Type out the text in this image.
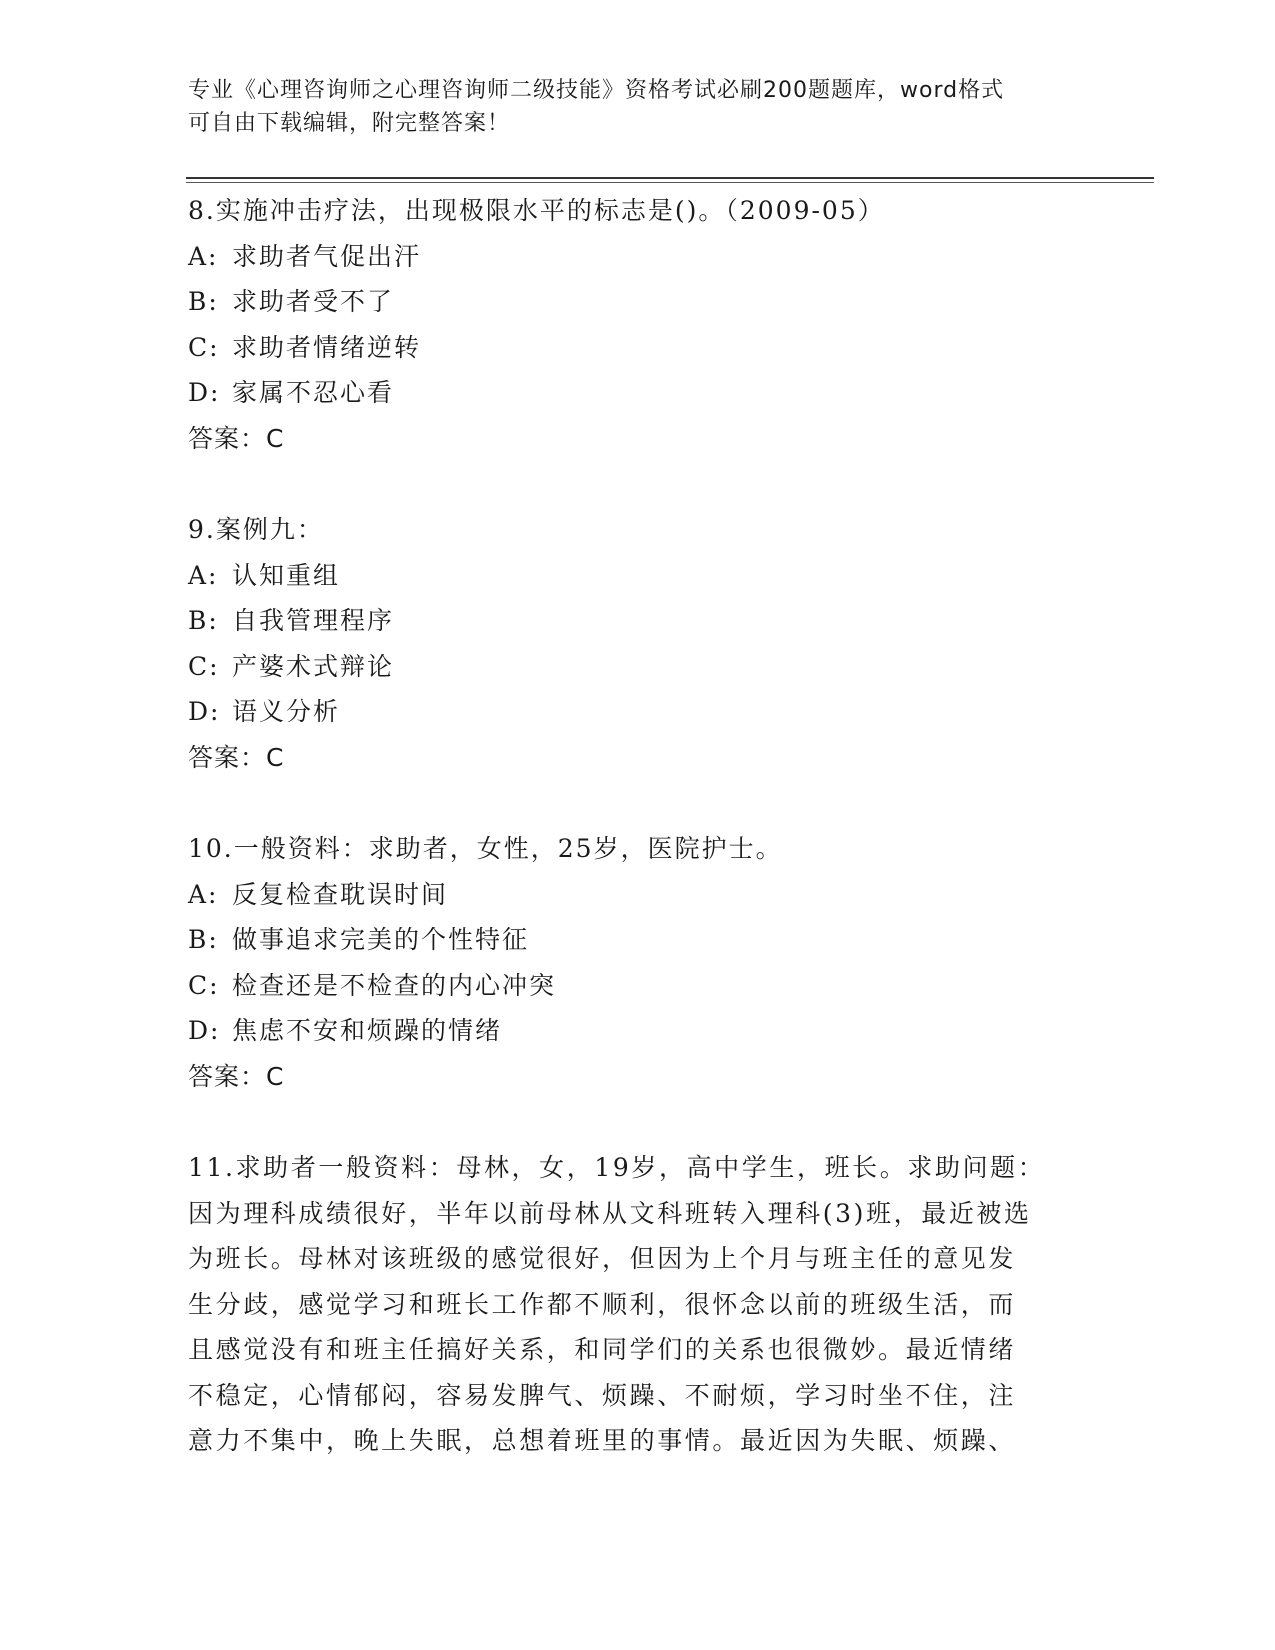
专业《心理咨询师之心理咨询师二级技能》资格考试必刷200题题库，word格式
可自由下载编辑，附完整答案！
8.实施冲击疗法，出现极限水平的标志是()。（2009-05）
A: 求助者气促出汗
B: 求助者受不了
C: 求助者情绪逆转
D: 家属不忍心看
答案：C
9.案例九：
A: 认知重组
B: 自我管理程序
C: 产婆术式辩论
D: 语义分析
答案：C
10.一般资料：求助者，女性，25岁，医院护士。
A: 反复检查耽误时间
B: 做事追求完美的个性特征
C: 检查还是不检查的内心冲突
D: 焦虑不安和烦躁的情绪
答案：C
11.求助者一般资料：母林，女，19岁，高中学生，班长。求助问题：
因为理科成绩很好，半年以前母林从文科班转入理科(3)班，最近被选
为班长。母林对该班级的感觉很好，但因为上个月与班主任的意见发
生分歧，感觉学习和班长工作都不顺利，很怀念以前的班级生活，而
且感觉没有和班主任搞好关系，和同学们的关系也很微妙。最近情绪
不稳定，心情郁闷，容易发脾气、烦躁、不耐烦，学习时坐不住，注
意力不集中，晚上失眠，总想着班里的事情。最近因为失眠、烦躁、
